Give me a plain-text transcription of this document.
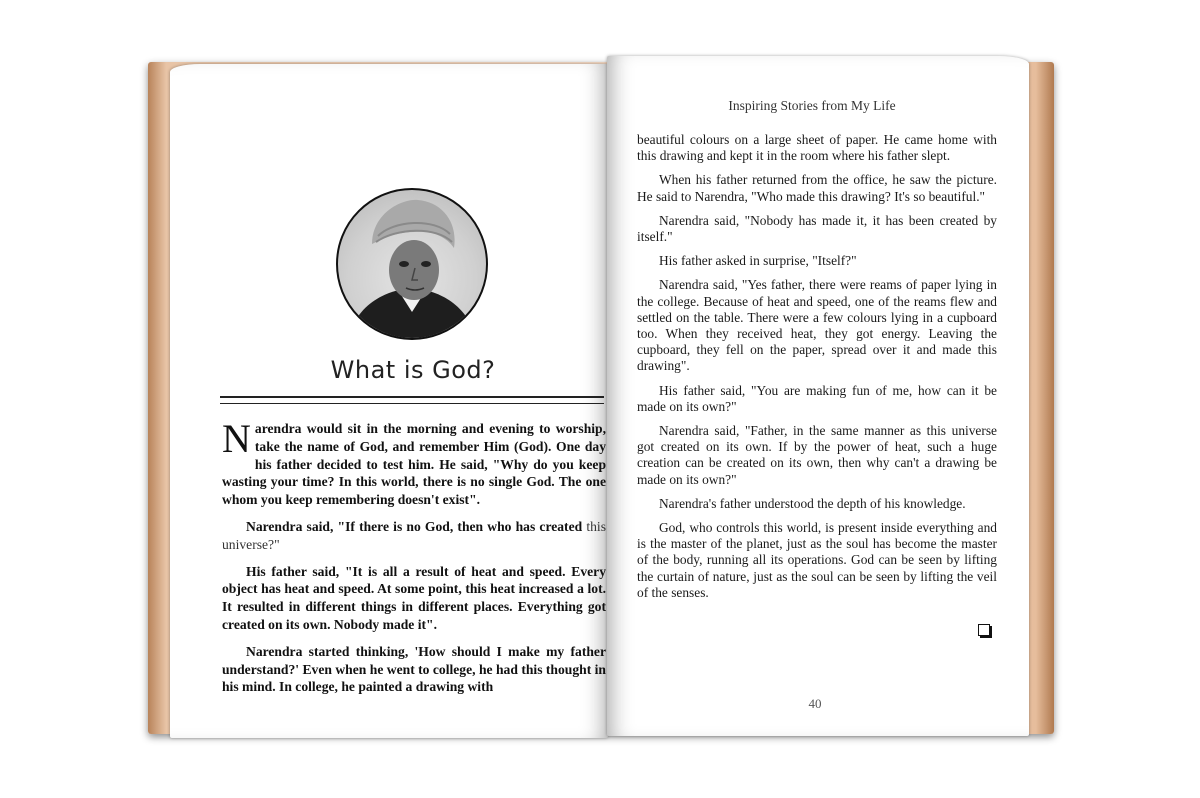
What is God?

Narendra would sit in the morning and evening to worship, take the name of God, and remember Him (God). One day his father decided to test him. He said, "Why do you keep wasting your time? In this world, there is no single God. The one whom you keep remembering doesn't exist".

Narendra said, "If there is no God, then who has created this universe?"

His father said, "It is all a result of heat and speed. Every object has heat and speed. At some point, this heat increased a lot. It resulted in different things in different places. Everything got created on its own. Nobody made it".

Narendra started thinking, 'How should I make my father understand?' Even when he went to college, he had this thought in his mind. In college, he painted a drawing with

Inspiring Stories from My Life

beautiful colours on a large sheet of paper. He came home with this drawing and kept it in the room where his father slept.

When his father returned from the office, he saw the picture. He said to Narendra, "Who made this drawing? It's so beautiful."

Narendra said, "Nobody has made it, it has been created by itself."

His father asked in surprise, "Itself?"

Narendra said, "Yes father, there were reams of paper lying in the college. Because of heat and speed, one of the reams flew and settled on the table. There were a few colours lying in a cupboard too. When they received heat, they got energy. Leaving the cupboard, they fell on the paper, spread over it and made this drawing".

His father said, "You are making fun of me, how can it be made on its own?"

Narendra said, "Father, in the same manner as this universe got created on its own. If by the power of heat, such a huge creation can be created on its own, then why can't a drawing be made on its own?"

Narendra's father understood the depth of his knowledge.

God, who controls this world, is present inside everything and is the master of the planet, just as the soul has become the master of the body, running all its operations. God can be seen by lifting the curtain of nature, just as the soul can be seen by lifting the veil of the senses.

40
